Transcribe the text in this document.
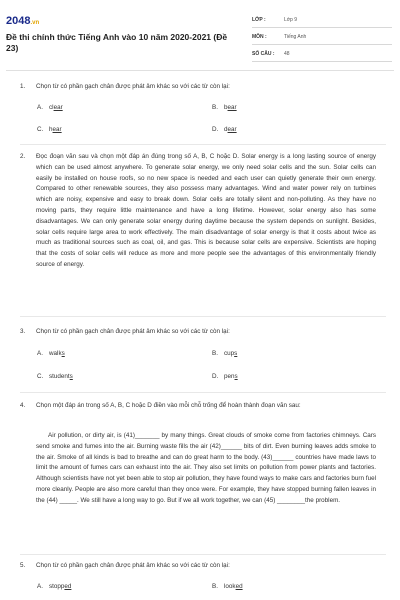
2048.vn
Đề thi chính thức Tiếng Anh vào 10 năm 2020-2021 (Đề 23)
LỚP :	Lớp 9
MÔN :	Tiếng Anh
SỐ CÂU : 48
1. Chọn từ có phần gạch chân được phát âm khác so với các từ còn lại:
A. clear	B. bear
C. hear	D. dear
2. Đọc đoạn văn sau và chọn một đáp án đúng trong số A, B, C hoặc D. Solar energy is a long lasting source of energy which can be used almost anywhere. To generate solar energy, we only need solar cells and the sun. Solar cells can easily be installed on house roofs, so no new space is needed and each user can quietly generate their own energy. Compared to other renewable sources, they also possess many advantages. Wind and water power rely on turbines which are noisy, expensive and easy to break down. Solar cells are totally silent and non-polluting. As they have no moving parts, they require little maintenance and have a long lifetime. However, solar energy also has some disadvantages. We can only generate solar energy during daytime because the system depends on sunlight. Besides, solar cells require large area to work effectively. The main disadvantage of solar energy is that it costs about twice as much as traditional sources such as coal, oil, and gas. This is because solar cells are expensive. Scientists are hoping that the costs of solar cells will reduce as more and more people see the advantages of this environmentally friendly source of energy.
3. Chọn từ có phần gạch chân được phát âm khác so với các từ còn lại:
A. walks	B. cups
C. students	D. pens
4. Chọn một đáp án trong số A, B, C hoặc D điền vào mỗi chỗ trống để hoàn thành đoạn văn sau:
Air pollution, or dirty air, is (41)_______ by many things. Great clouds of smoke come from factories chimneys. Cars send smoke and fumes into the air. Burning waste fills the air (42)______ bits of dirt. Even burning leaves adds smoke to the air. Smoke of all kinds is bad to breathe and can do great harm to the body. (43)______ countries have made laws to limit the amount of fumes cars can exhaust into the air. They also set limits on pollution from power plants and factories. Although scientists have not yet been able to stop air pollution, they have found ways to make cars and factories burn fuel more cleanly. People are also more careful than they once were. For example, they have stopped burning fallen leaves in the (44) _____. We still have a long way to go. But if we all work together, we can (45) ________the problem.
5. Chọn từ có phần gạch chân được phát âm khác so với các từ còn lại:
A. stopped	B. looked
